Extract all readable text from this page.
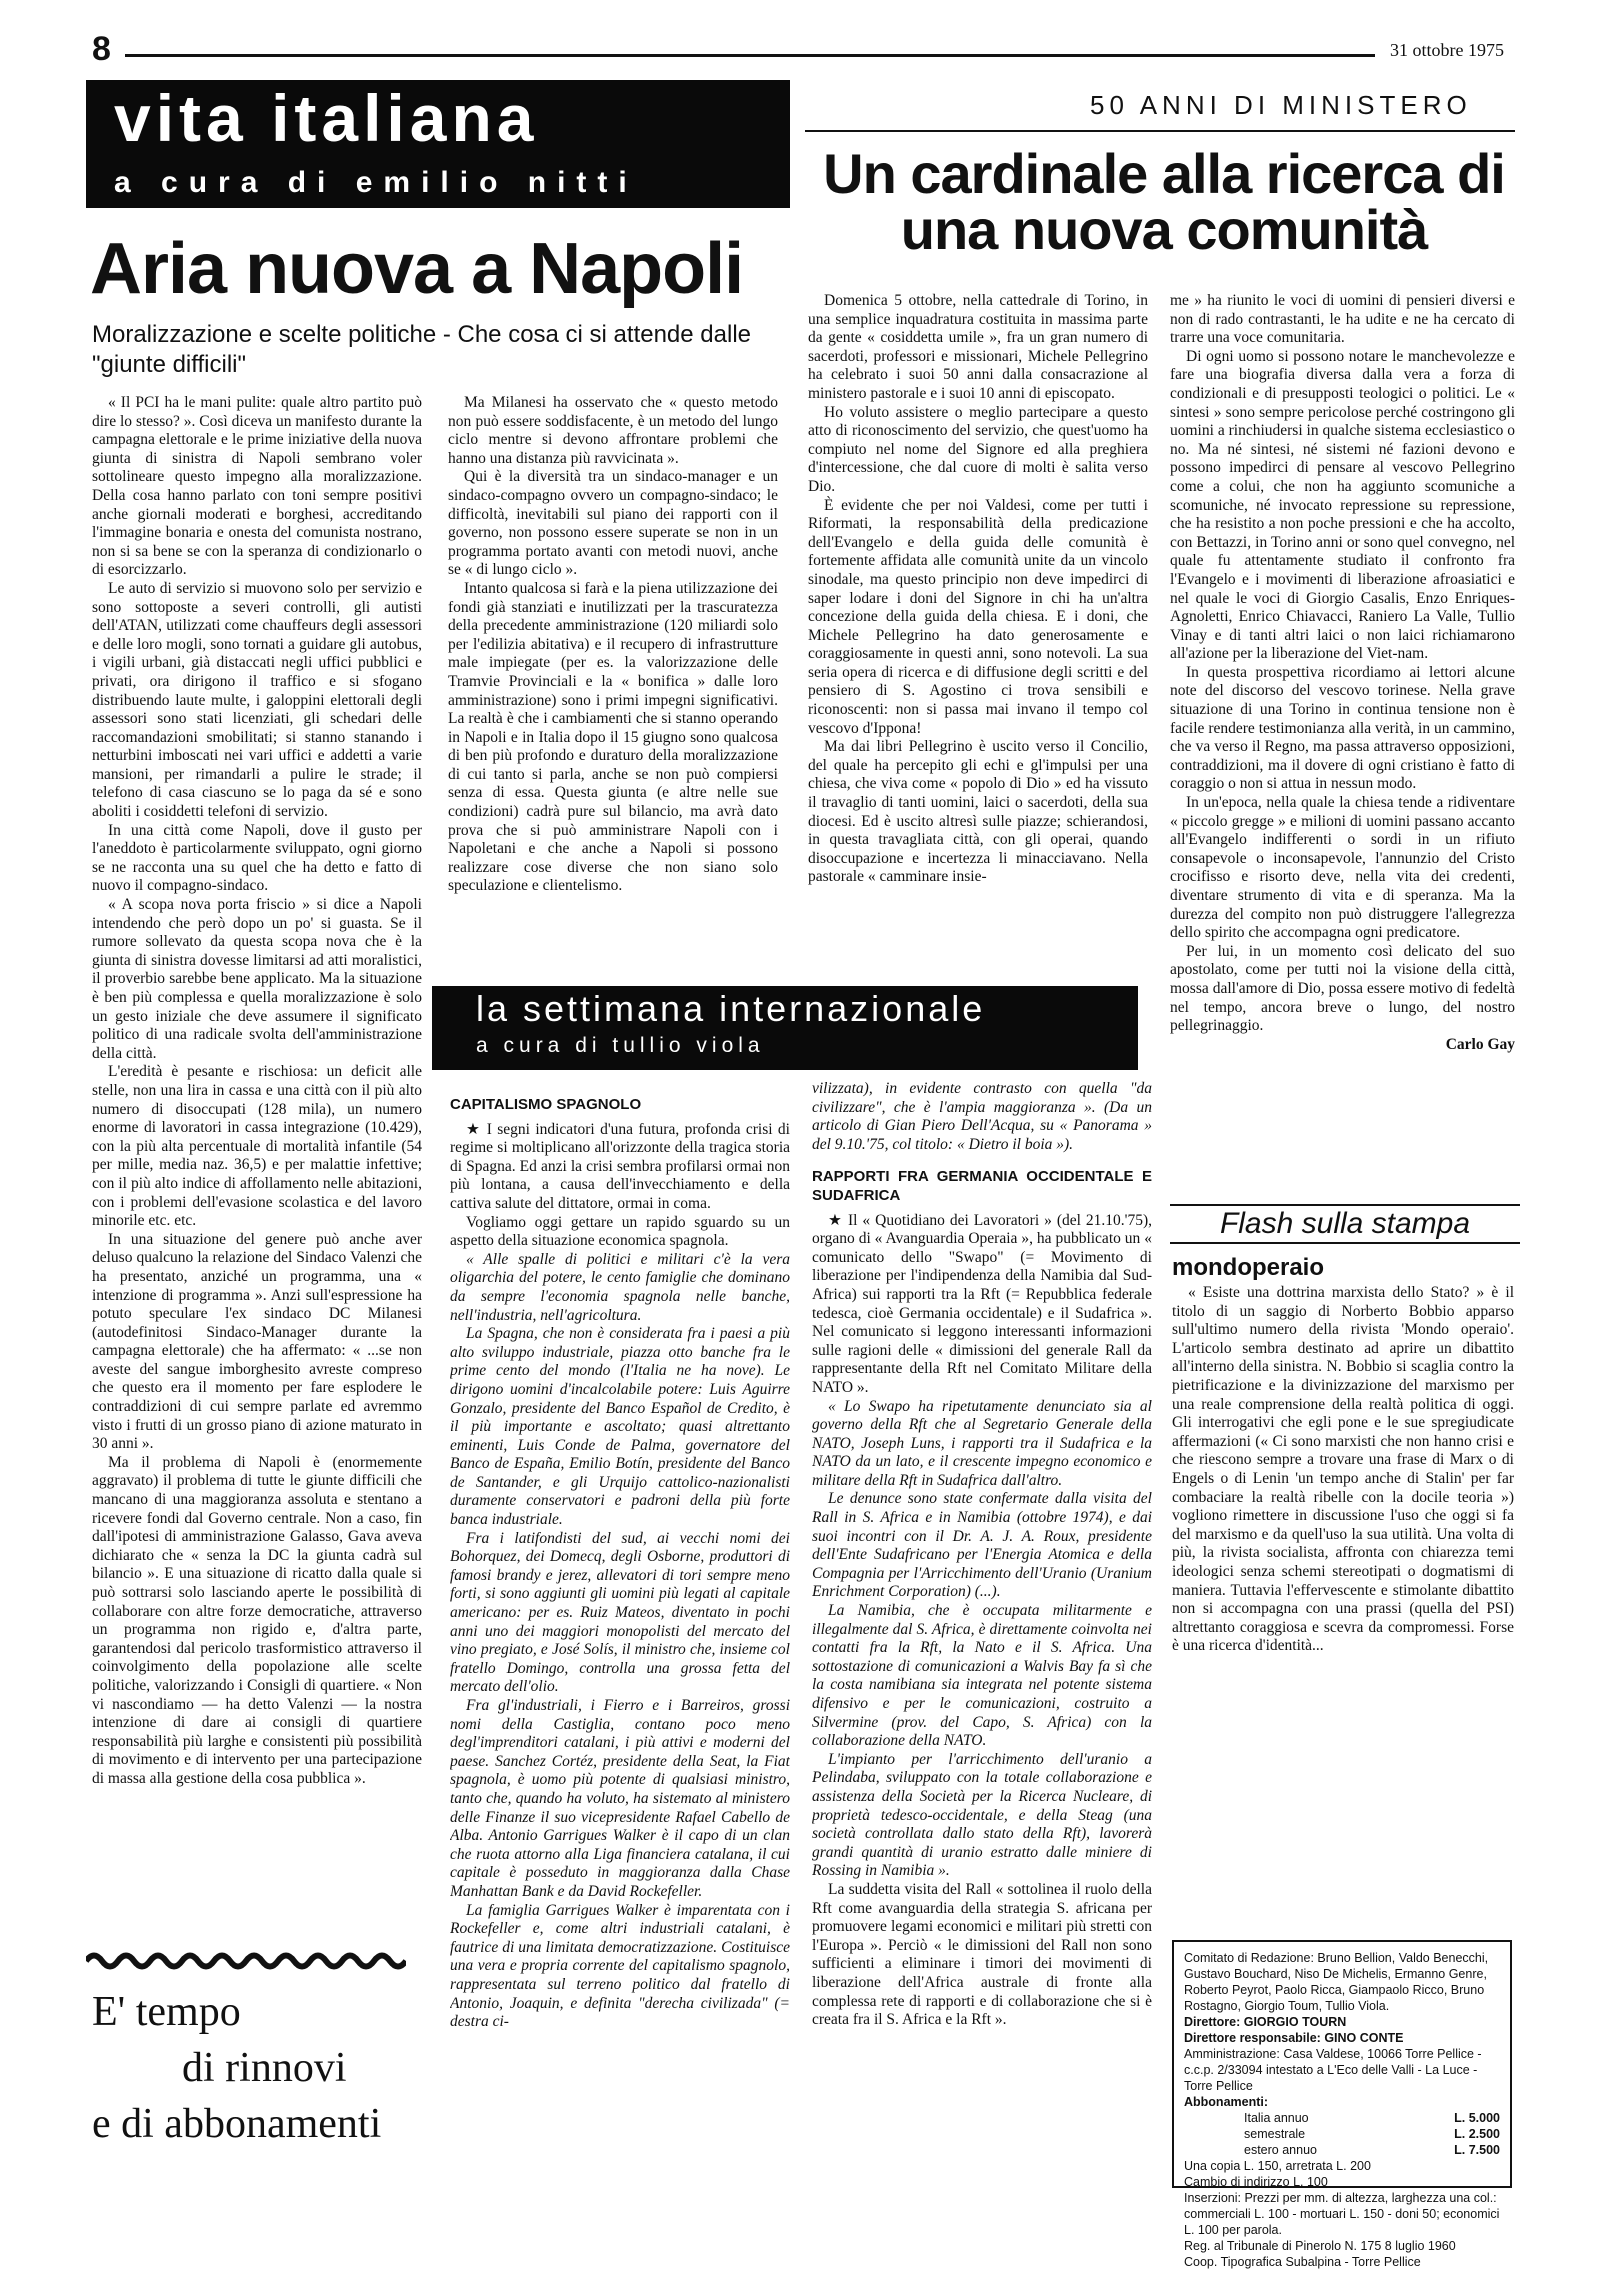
8	31 ottobre 1975
vita italiana
a cura di emilio nitti
50 ANNI DI MINISTERO
Un cardinale alla ricerca di una nuova comunità
Aria nuova a Napoli
Moralizzazione e scelte politiche - Che cosa ci si attende dalle "giunte difficili"

« Il PCI ha le mani pulite: quale altro partito può dire lo stesso? ». Così diceva un manifesto durante la campagna elettorale e le prime iniziative della nuova giunta di sinistra di Napoli sembrano voler sottolineare questo impegno alla moralizzazione. Della cosa hanno parlato con toni sempre positivi anche giornali moderati e borghesi, accreditando l'immagine bonaria e onesta del comunista nostrano, non si sa bene se con la speranza di condizionarlo o di esorcizzarlo.

Le auto di servizio si muovono solo per servizio e sono sottoposte a severi controlli, gli autisti dell'ATAN, utilizzati come chauffeurs degli assessori e delle loro mogli, sono tornati a guidare gli autobus, i vigili urbani, già distaccati negli uffici pubblici e privati, ora dirigono il traffico e si sfogano distribuendo laute multe, i galoppini elettorali degli assessori sono stati licenziati, gli schedari delle raccomandazioni smobilitati; si stanno stanando i netturbini imboscati nei vari uffici e addetti a varie mansioni, per rimandarli a pulire le strade; il telefono di casa ciascuno se lo paga da sé e sono aboliti i cosiddetti telefoni di servizio.

In una città come Napoli, dove il gusto per l'aneddoto è particolarmente sviluppato, ogni giorno se ne racconta una su quel che ha detto e fatto di nuovo il compagno-sindaco.

« A scopa nova porta friscio » si dice a Napoli intendendo che però dopo un po' si guasta. Se il rumore sollevato da questa scopa nova che è la giunta di sinistra dovesse limitarsi ad atti moralistici, il proverbio sarebbe bene applicato. Ma la situazione è ben più complessa e quella moralizzazione è solo un gesto iniziale che deve assumere il significato politico di una radicale svolta dell'amministrazione della città.

L'eredità è pesante e rischiosa: un deficit alle stelle, non una lira in cassa e una città con il più alto numero di disoccupati (128 mila), un numero enorme di lavoratori in cassa integrazione (10.429), con la più alta percentuale di mortalità infantile (54 per mille, media naz. 36,5) e per malattie infettive; con il più alto indice di affollamento nelle abitazioni, con i problemi dell'evasione scolastica e del lavoro minorile etc. etc.

In una situazione del genere può anche aver deluso qualcuno la relazione del Sindaco Valenzi che ha presentato, anziché un programma, una « intenzione di programma ». Anzi sull'espressione ha potuto speculare l'ex sindaco DC Milanesi (autodefinitosi Sindaco-Manager durante la campagna elettorale) che ha affermato: « ...se non aveste del sangue imborghesito avreste compreso che questo era il momento per fare esplodere le contraddizioni di cui sempre parlate ed avremmo visto i frutti di un grosso piano di azione maturato in 30 anni ».

Ma il problema di Napoli è (enormemente aggravato) il problema di tutte le giunte difficili che mancano di una maggioranza assoluta e stentano a ricevere fondi dal Governo centrale. Non a caso, fin dall'ipotesi di amministrazione Galasso, Gava aveva dichiarato che « senza la DC la giunta cadrà sul bilancio ». E una situazione di ricatto dalla quale si può sottrarsi solo lasciando aperte le possibilità di collaborare con altre forze democratiche, attraverso un programma non rigido e, d'altra parte, garantendosi dal pericolo trasformistico attraverso il coinvolgimento della popolazione alle scelte politiche, valorizzando i Consigli di quartiere. « Non vi nascondiamo — ha detto Valenzi — la nostra intenzione di dare ai consigli di quartiere responsabilità più larghe e consistenti più possibilità di movimento e di intervento per una partecipazione di massa alla gestione della cosa pubblica ».

Ma Milanesi ha osservato che « questo metodo non può essere soddisfacente, è un metodo del lungo ciclo mentre si devono affrontare problemi che hanno una distanza più ravvicinata ».

Qui è la diversità tra un sindaco-manager e un sindaco-compagno ovvero un compagno-sindaco; le difficoltà, inevitabili sul piano dei rapporti con il governo, non possono essere superate se non in un programma portato avanti con metodi nuovi, anche se « di lungo ciclo ».

Intanto qualcosa si farà e la piena utilizzazione dei fondi già stanziati e inutilizzati per la trascuratezza della precedente amministrazione (120 miliardi solo per l'edilizia abitativa) e il recupero di infrastrutture male impiegate (per es. la valorizzazione delle Tramvie Provinciali e la « bonifica » dalle loro amministrazione) sono i primi impegni significativi. La realtà è che i cambiamenti che si stanno operando in Napoli e in Italia dopo il 15 giugno sono qualcosa di ben più profondo e duraturo della moralizzazione di cui tanto si parla, anche se non può compiersi senza di essa. Questa giunta (e altre nelle sue condizioni) cadrà pure sul bilancio, ma avrà dato prova che si può amministrare Napoli con i Napoletani e che anche a Napoli si possono realizzare cose diverse che non siano solo speculazione e clientelismo.

Domenica 5 ottobre, nella cattedrale di Torino, in una semplice inquadratura costituita in massima parte da gente « cosiddetta umile », fra un gran numero di sacerdoti, professori e missionari, Michele Pellegrino ha celebrato i suoi 50 anni dalla consacrazione al ministero pastorale e i suoi 10 anni di episcopato.

Ho voluto assistere o meglio partecipare a questo atto di riconoscimento del servizio, che quest'uomo ha compiuto nel nome del Signore ed alla preghiera d'intercessione, che dal cuore di molti è salita verso Dio.

È evidente che per noi Valdesi, come per tutti i Riformati, la responsabilità della predicazione dell'Evangelo e della guida delle comunità è fortemente affidata alle comunità unite da un vincolo sinodale, ma questo principio non deve impedirci di saper lodare i doni del Signore in chi ha un'altra concezione della guida della chiesa. E i doni, che Michele Pellegrino ha dato generosamente e coraggiosamente in questi anni, sono notevoli. La sua seria opera di ricerca e di diffusione degli scritti e del pensiero di S. Agostino ci trova sensibili e riconoscenti: non si passa mai invano il tempo col vescovo d'Ippona!

Ma dai libri Pellegrino è uscito verso il Concilio, del quale ha percepito gli echi e gl'impulsi per una chiesa, che viva come « popolo di Dio » ed ha vissuto il travaglio di tanti uomini, laici o sacerdoti, della sua diocesi. Ed è uscito altresì sulle piazze; schierandosi, in questa travagliata città, con gli operai, quando disoccupazione e incertezza li minacciavano. Nella pastorale « camminare insie-

me » ha riunito le voci di uomini di pensieri diversi e non di rado contrastanti, le ha udite e ne ha cercato di trarre una voce comunitaria.

Di ogni uomo si possono notare le manchevolezze e fare una biografia diversa dalla vera a forza di condizionali e di presupposti teologici o politici. Le « sintesi » sono sempre pericolose perché costringono gli uomini a rinchiudersi in qualche sistema ecclesiastico o no. Ma né sintesi, né sistemi né fazioni devono e possono impedirci di pensare al vescovo Pellegrino come a colui, che non ha aggiunto scomuniche a scomuniche, né invocato repressione su repressione, che ha resistito a non poche pressioni e che ha accolto, con Bettazzi, in Torino anni or sono quel convegno, nel quale fu attentamente studiato il confronto fra l'Evangelo e i movimenti di liberazione afroasiatici e nel quale le voci di Giorgio Casalis, Enzo Enriques-Agnoletti, Enrico Chiavacci, Raniero La Valle, Tullio Vinay e di tanti altri laici o non laici richiamarono all'azione per la liberazione del Viet-nam.

In questa prospettiva ricordiamo ai lettori alcune note del discorso del vescovo torinese. Nella grave situazione di una Torino in continua tensione non è facile rendere testimonianza alla verità, in un cammino, che va verso il Regno, ma passa attraverso opposizioni, contraddizioni, ma il dovere di ogni cristiano è fatto di coraggio o non si attua in nessun modo.

In un'epoca, nella quale la chiesa tende a ridiventare « piccolo gregge » e milioni di uomini passano accanto all'Evangelo indifferenti o sordi in un rifiuto consapevole o inconsapevole, l'annunzio del Cristo crocifisso e risorto deve, nella vita dei credenti, diventare strumento di vita e di speranza. Ma la durezza del compito non può distruggere l'allegrezza dello spirito che accompagna ogni predicatore.

Per lui, in un momento così delicato del suo apostolato, come per tutti noi la visione della città, mossa dall'amore di Dio, possa essere motivo di fedeltà nel tempo, ancora breve o lungo, del nostro pellegrinaggio.

Carlo Gay
la settimana internazionale
a cura di tullio viola
CAPITALISMO SPAGNOLO

★ I segni indicatori d'una futura, profonda crisi di regime si moltiplicano all'orizzonte della tragica storia di Spagna. Ed anzi la crisi sembra profilarsi ormai non più lontana, a causa dell'invecchiamento e della cattiva salute del dittatore, ormai in coma.

Vogliamo oggi gettare un rapido sguardo su un aspetto della situazione economica spagnola.

« Alle spalle di politici e militari c'è la vera oligarchia del potere, le cento famiglie che dominano da sempre l'economia spagnola nelle banche, nell'industria, nell'agricoltura.

La Spagna, che non è considerata fra i paesi a più alto sviluppo industriale, piazza otto banche fra le prime cento del mondo (l'Italia ne ha nove). Le dirigono uomini d'incalcolabile potere: Luis Aguirre Gonzalo, presidente del Banco Español de Credito, è il più importante e ascoltato; quasi altrettanto eminenti, Luis Conde de Palma, governatore del Banco de España, Emilio Botín, presidente del Banco de Santander, e gli Urquijo cattolico-nazionalisti duramente conservatori e padroni della più forte banca industriale.

Fra i latifondisti del sud, ai vecchi nomi dei Bohorquez, dei Domecq, degli Osborne, produttori di famosi brandy e jerez, allevatori di tori sempre meno forti, si sono aggiunti gli uomini più legati al capitale americano: per es. Ruiz Mateos, diventato in pochi anni uno dei maggiori monopolisti del mercato del vino pregiato, e José Solís, il ministro che, insieme col fratello Domingo, controlla una grossa fetta del mercato dell'olio.

Fra gl'industriali, i Fierro e i Barreiros, grossi nomi della Castiglia, contano poco meno degl'imprenditori catalani, i più attivi e moderni del paese. Sanchez Cortéz, presidente della Seat, la Fiat spagnola, è uomo più potente di qualsiasi ministro, tanto che, quando ha voluto, ha sistemato al ministero delle Finanze il suo vicepresidente Rafael Cabello de Alba. Antonio Garrigues Walker è il capo di un clan che ruota attorno alla Liga financiera catalana, il cui capitale è posseduto in maggioranza dalla Chase Manhattan Bank e da David Rockefeller.

La famiglia Garrigues Walker è imparentata con i Rockefeller e, come altri industriali catalani, è fautrice di una limitata democratizzazione. Costituisce una vera e propria corrente del capitalismo spagnolo, rappresentata sul terreno politico dal fratello di Antonio, Joaquin, e definita "derecha civilizada" (= destra ci-

vilizzata), in evidente contrasto con quella "da civilizzare", che è l'ampia maggioranza ». (Da un articolo di Gian Piero Dell'Acqua, su « Panorama » del 9.10.'75, col titolo: « Dietro il boia »).

RAPPORTI FRA GERMANIA OCCIDENTALE E SUDAFRICA

★ Il « Quotidiano dei Lavoratori » (del 21.10.'75), organo di « Avanguardia Operaia », ha pubblicato un « comunicato dello "Swapo" (= Movimento di liberazione per l'indipendenza della Namibia dal Sud-Africa) sui rapporti tra la Rft (= Repubblica federale tedesca, cioè Germania occidentale) e il Sudafrica ». Nel comunicato si leggono interessanti informazioni sulle ragioni delle « dimissioni del generale Rall da rappresentante della Rft nel Comitato Militare della NATO ».

« Lo Swapo ha ripetutamente denunciato sia al governo della Rft che al Segretario Generale della NATO, Joseph Luns, i rapporti tra il Sudafrica e la NATO da un lato, e il crescente impegno economico e militare della Rft in Sudafrica dall'altro.

Le denunce sono state confermate dalla visita del Rall in S. Africa e in Namibia (ottobre 1974), e dai suoi incontri con il Dr. A. J. A. Roux, presidente dell'Ente Sudafricano per l'Energia Atomica e della Compagnia per l'Arricchimento dell'Uranio (Uranium Enrichment Corporation) (...).

La Namibia, che è occupata militarmente e illegalmente dal S. Africa, è direttamente coinvolta nei contatti fra la Rft, la Nato e il S. Africa. Una sottostazione di comunicazioni a Walvis Bay fa sì che la costa namibiana sia integrata nel potente sistema difensivo e per le comunicazioni, costruito a Silvermine (prov. del Capo, S. Africa) con la collaborazione della NATO.

L'impianto per l'arricchimento dell'uranio a Pelindaba, sviluppato con la totale collaborazione e assistenza della Società per la Ricerca Nucleare, di proprietà tedesco-occidentale, e della Steag (una società controllata dallo stato della Rft), lavorerà grandi quantità di uranio estratto dalle miniere di Rossing in Namibia ».

La suddetta visita del Rall « sottolinea il ruolo della Rft come avanguardia della strategia S. africana per promuovere legami economici e militari più stretti con l'Europa ». Perciò « le dimissioni del Rall non sono sufficienti a eliminare i timori dei movimenti di liberazione dell'Africa australe di fronte alla complessa rete di rapporti e di collaborazione che si è creata fra il S. Africa e la Rft ».

Flash sulla stampa
mondoperaio

« Esiste una dottrina marxista dello Stato? » è il titolo di un saggio di Norberto Bobbio apparso sull'ultimo numero della rivista 'Mondo operaio'. L'articolo sembra destinato ad aprire un dibattito all'interno della sinistra. N. Bobbio si scaglia contro la pietrificazione e la divinizzazione del marxismo per una reale comprensione della realtà politica di oggi. Gli interrogativi che egli pone e le sue spregiudicate affermazioni (« Ci sono marxisti che non hanno crisi e che riescono sempre a trovare una frase di Marx o di Engels o di Lenin 'un tempo anche di Stalin' per far combaciare la realtà ribelle con la docile teoria ») vogliono rimettere in discussione l'uso che oggi si fa del marxismo e da quell'uso la sua utilità. Una volta di più, la rivista socialista, affronta con chiarezza temi ideologici senza schemi stereotipati o dogmatismi di maniera. Tuttavia l'effervescente e stimolante dibattito non si accompagna con una prassi (quella del PSI) altrettanto coraggiosa e scevra da compromessi. Forse è una ricerca d'identità...

E' tempo
di rinnovi
e di abbonamenti
Comitato di Redazione: Bruno Bellion, Valdo Benecchi, Gustavo Bouchard, Niso De Michelis, Ermanno Genre, Roberto Peyrot, Paolo Ricca, Giampaolo Ricco, Bruno Rostagno, Giorgio Toum, Tullio Viola.
Direttore: GIORGIO TOURN
Direttore responsabile: GINO CONTE
Amministrazione: Casa Valdese, 10066 Torre Pellice - c.c.p. 2/33094 intestato a L'Eco delle Valli - La Luce - Torre Pellice
Abbonamenti:
Italia annuo	L. 5.000
semestrale	L. 2.500
estero annuo	L. 7.500
Una copia L. 150, arretrata L. 200
Cambio di indirizzo L. 100
Inserzioni: Prezzi per mm. di altezza, larghezza una col.: commerciali L. 100 - mortuari L. 150 - doni 50; economici L. 100 per parola.
Reg. al Tribunale di Pinerolo N. 175 8 luglio 1960
Coop. Tipografica Subalpina - Torre Pellice
